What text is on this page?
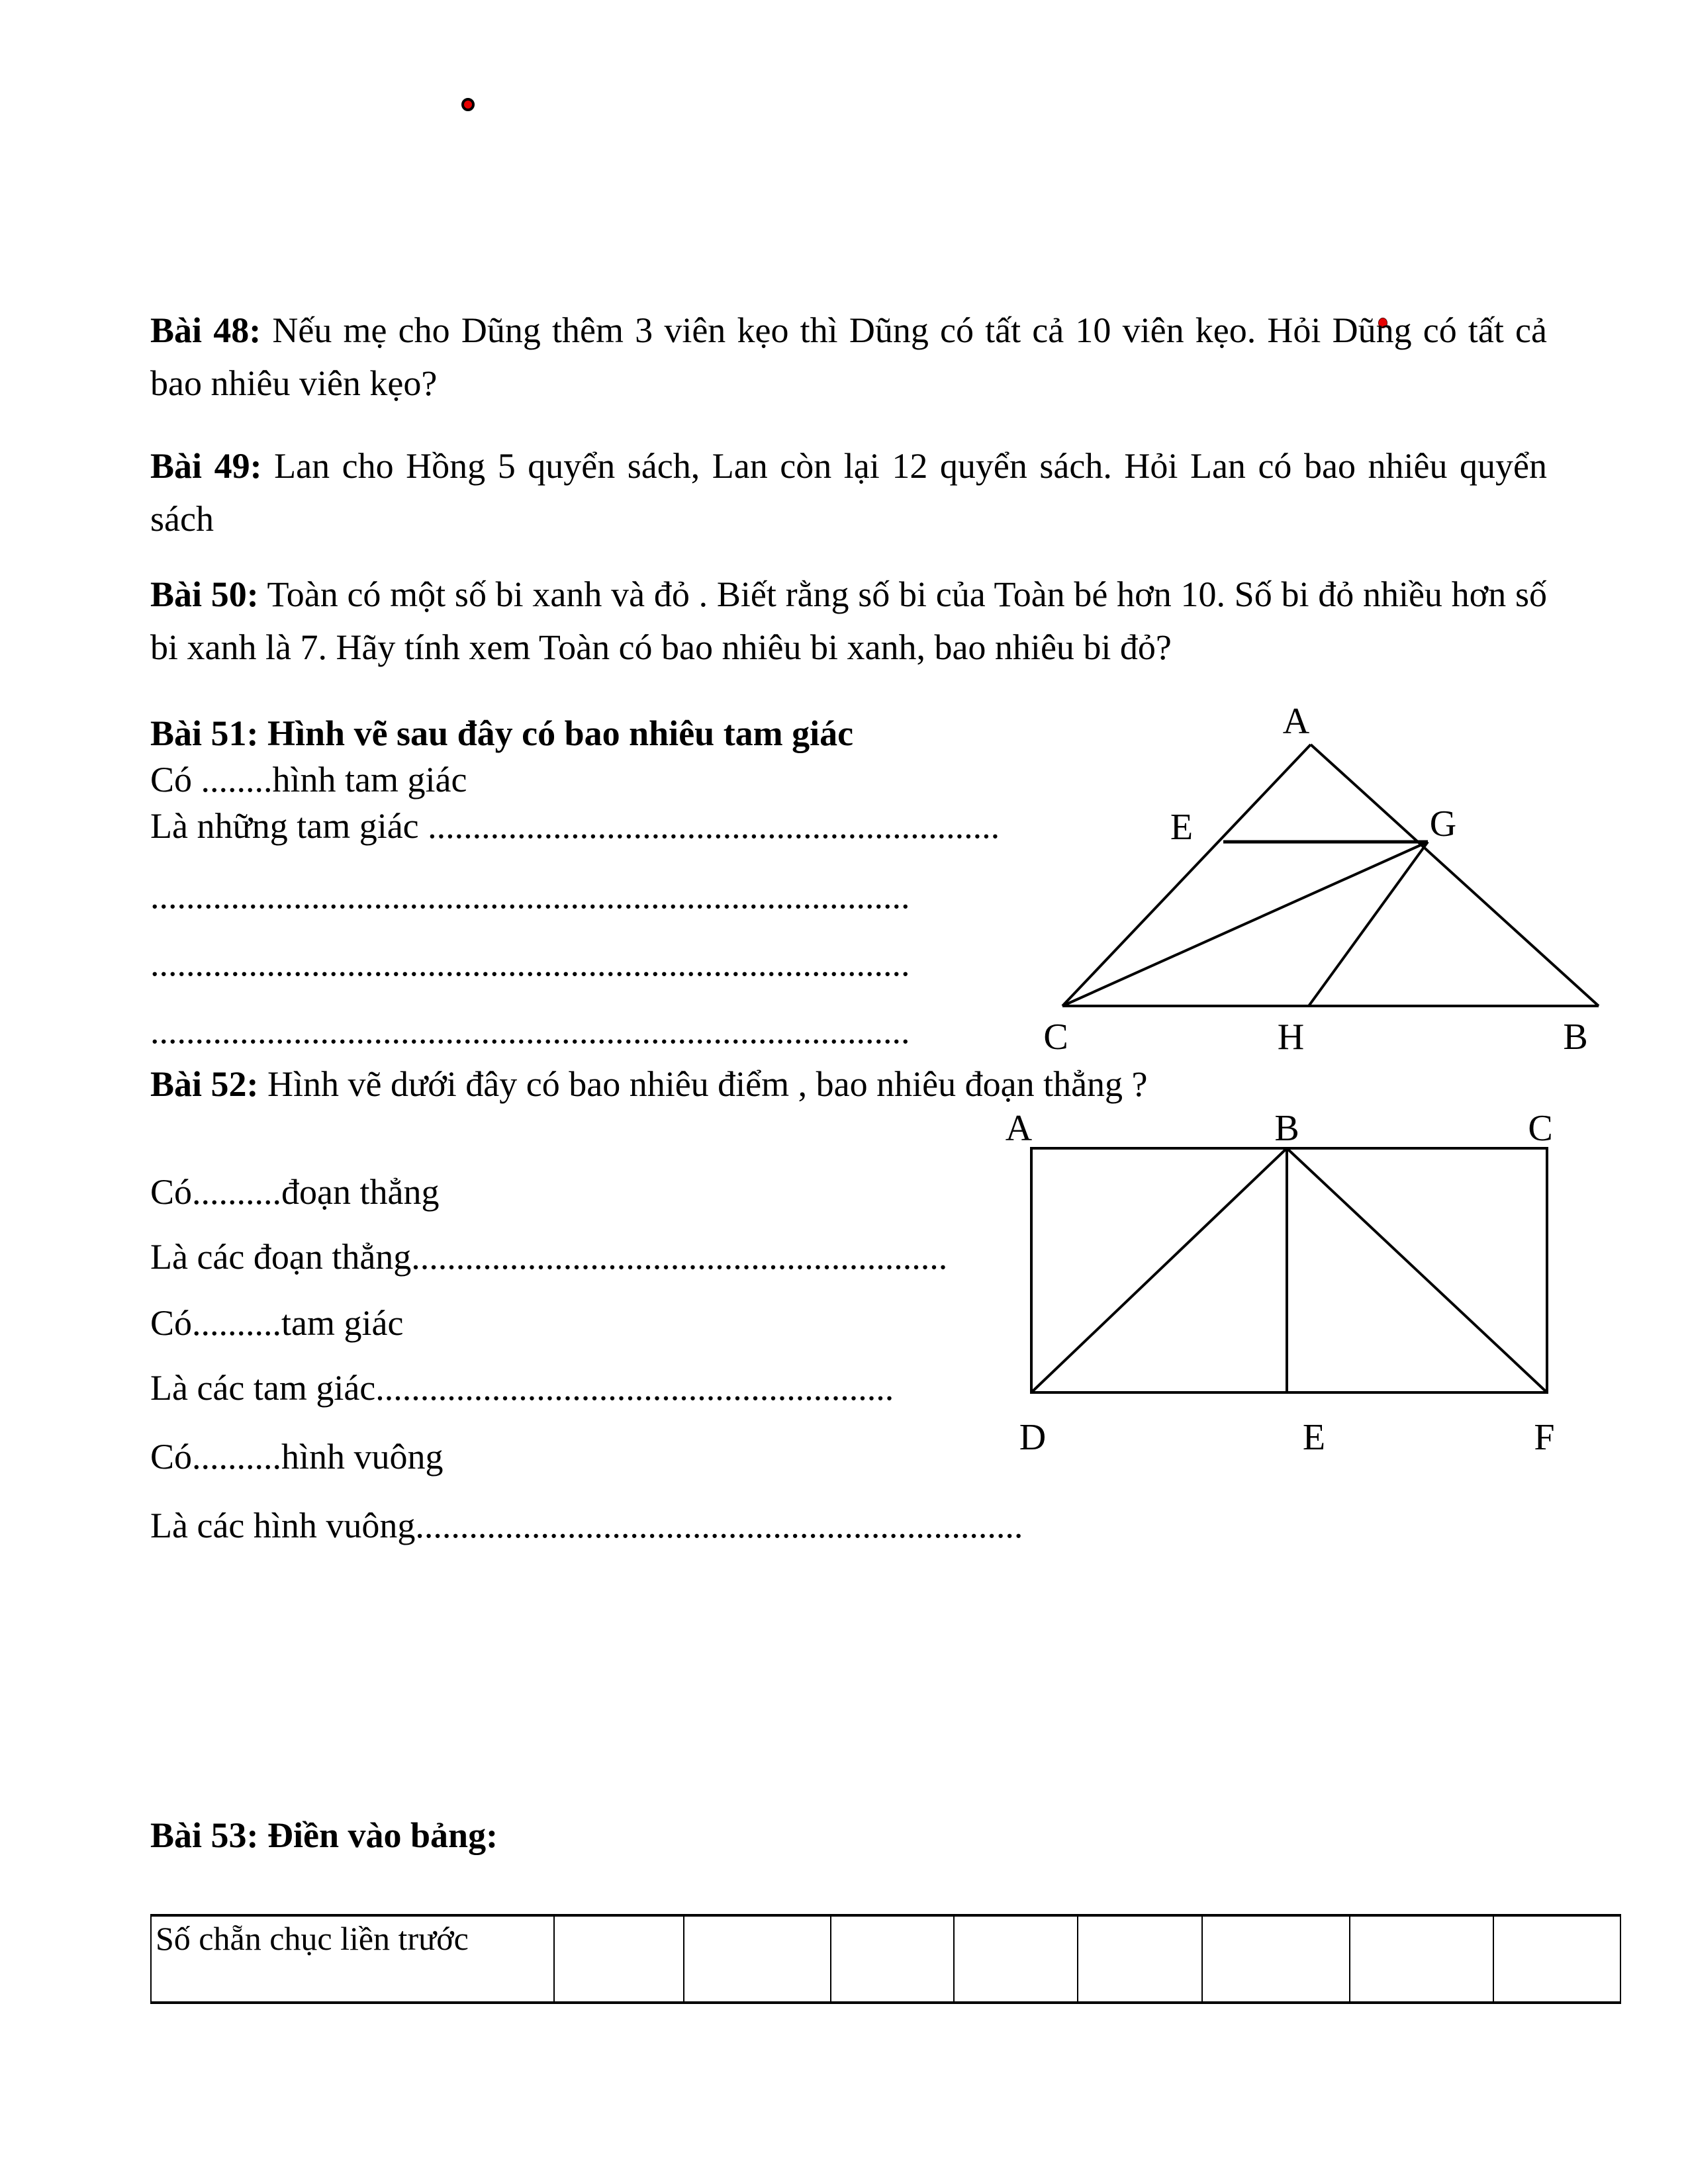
Bài 48: Nếu mẹ cho Dũng thêm 3 viên kẹo thì Dũng có tất cả 10 viên kẹo. Hỏi Dũng có tất cả bao nhiêu viên kẹo?

Bài 49: Lan cho Hồng 5 quyển sách, Lan còn lại 12 quyển sách. Hỏi Lan có bao nhiêu quyển sách

Bài 50: Toàn có một số bi xanh và đỏ . Biết rằng số bi của Toàn bé hơn 10. Số bi đỏ nhiều hơn số bi xanh là 7. Hãy tính xem Toàn có bao nhiêu bi xanh, bao nhiêu bi đỏ?

Bài 51: Hình vẽ sau đây có bao nhiêu tam giác

Có ........hình tam giác

Là những tam giác ................................................................

.....................................................................................

.....................................................................................

.....................................................................................

A
E	G
C	H	B

Bài 52: Hình vẽ dưới đây có bao nhiêu điểm , bao nhiêu đoạn thẳng ?

Có..........đoạn thẳng

Là các đoạn thẳng............................................................

Có..........tam giác

Là các tam giác..........................................................

Có..........hình vuông

Là các hình vuông....................................................................

A	B	C
D	E	F

Bài 53: Điền vào bảng:

Số chẵn chục liền trước								
